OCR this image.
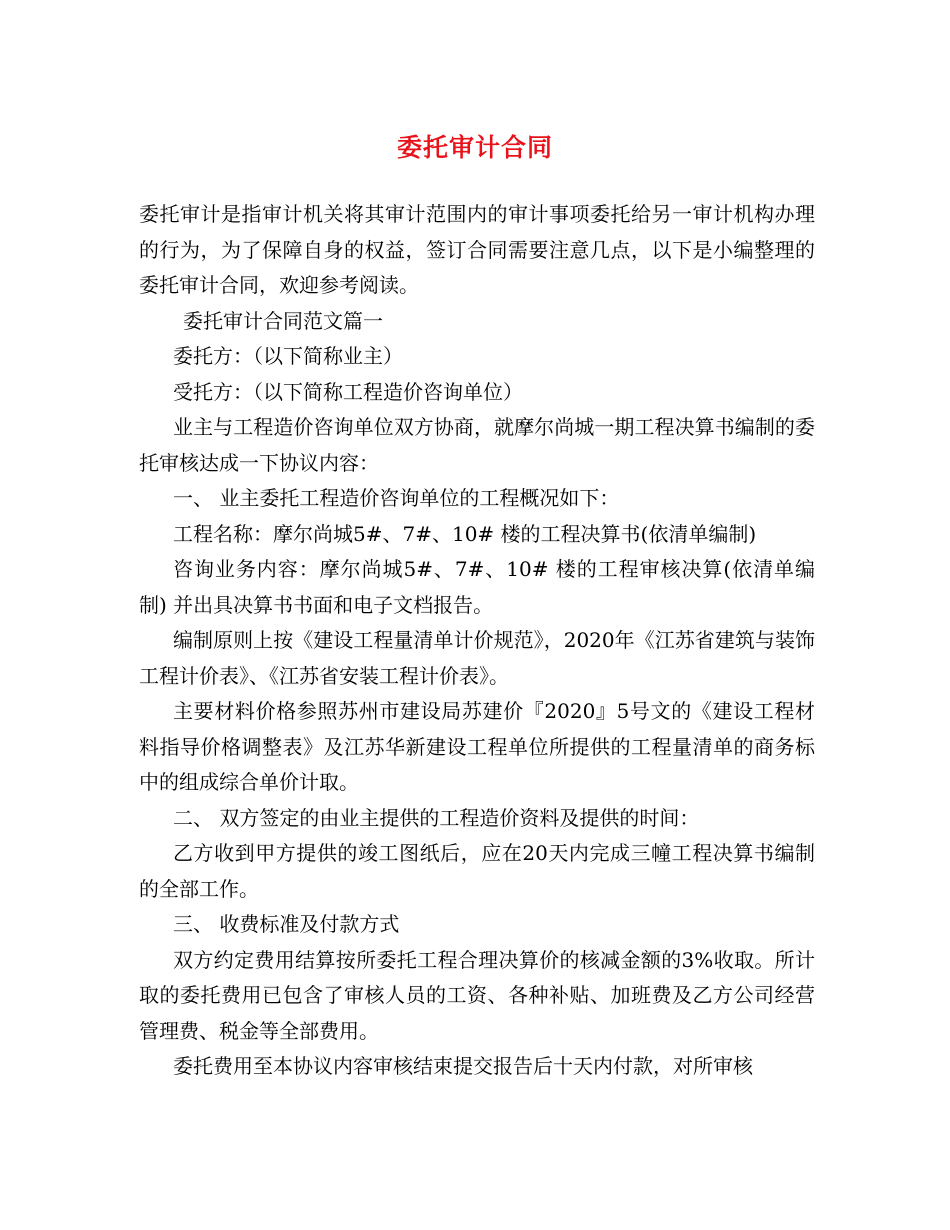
委托审计合同

委托审计是指审计机关将其审计范围内的审计事项委托给另一审计机构办理的行为，为了保障自身的权益，签订合同需要注意几点，以下是小编整理的委托审计合同，欢迎参考阅读。

委托审计合同范文篇一

委托方：（以下简称业主）

受托方：（以下简称工程造价咨询单位）

业主与工程造价咨询单位双方协商，就摩尔尚城一期工程决算书编制的委托审核达成一下协议内容：

一、 业主委托工程造价咨询单位的工程概况如下：

工程名称：摩尔尚城5#、7#、10# 楼的工程决算书(依清单编制)

咨询业务内容：摩尔尚城5#、7#、10# 楼的工程审核决算(依清单编制) 并出具决算书书面和电子文档报告。

编制原则上按《建设工程量清单计价规范》，2020年《江苏省建筑与装饰工程计价表》、《江苏省安装工程计价表》。

主要材料价格参照苏州市建设局苏建价『2020』5号文的《建设工程材料指导价格调整表》及江苏华新建设工程单位所提供的工程量清单的商务标中的组成综合单价计取。

二、 双方签定的由业主提供的工程造价资料及提供的时间：

乙方收到甲方提供的竣工图纸后，应在20天内完成三幢工程决算书编制的全部工作。

三、 收费标准及付款方式

双方约定费用结算按所委托工程合理决算价的核减金额的3%收取。所计取的委托费用已包含了审核人员的工资、各种补贴、加班费及乙方公司经营管理费、税金等全部费用。

委托费用至本协议内容审核结束提交报告后十天内付款，对所审核
